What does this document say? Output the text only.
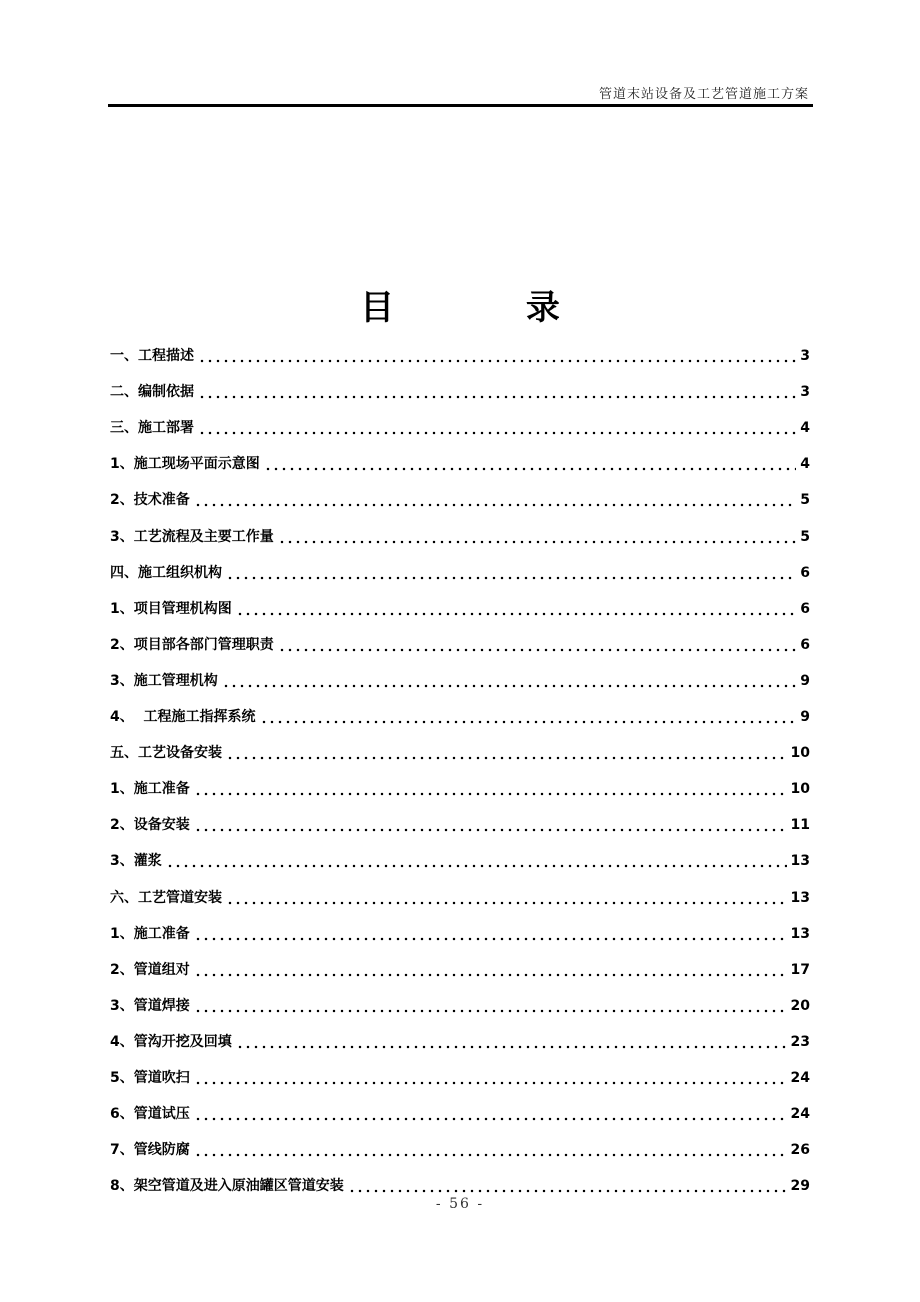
管道末站设备及工艺管道施工方案
目 录
一、工程描述	3
二、编制依据	3
三、施工部署	4
1、施工现场平面示意图	4
2、技术准备	5
3、工艺流程及主要工作量	5
四、施工组织机构	6
1、项目管理机构图	6
2、项目部各部门管理职责	6
3、施工管理机构	9
4、  工程施工指挥系统	9
五、工艺设备安装	10
1、施工准备	10
2、设备安装	11
3、灌浆	13
六、工艺管道安装	13
1、施工准备	13
2、管道组对	17
3、管道焊接	20
4、管沟开挖及回填	23
5、管道吹扫	24
6、管道试压	24
7、管线防腐	26
8、架空管道及进入原油罐区管道安装	29
- 56 -
